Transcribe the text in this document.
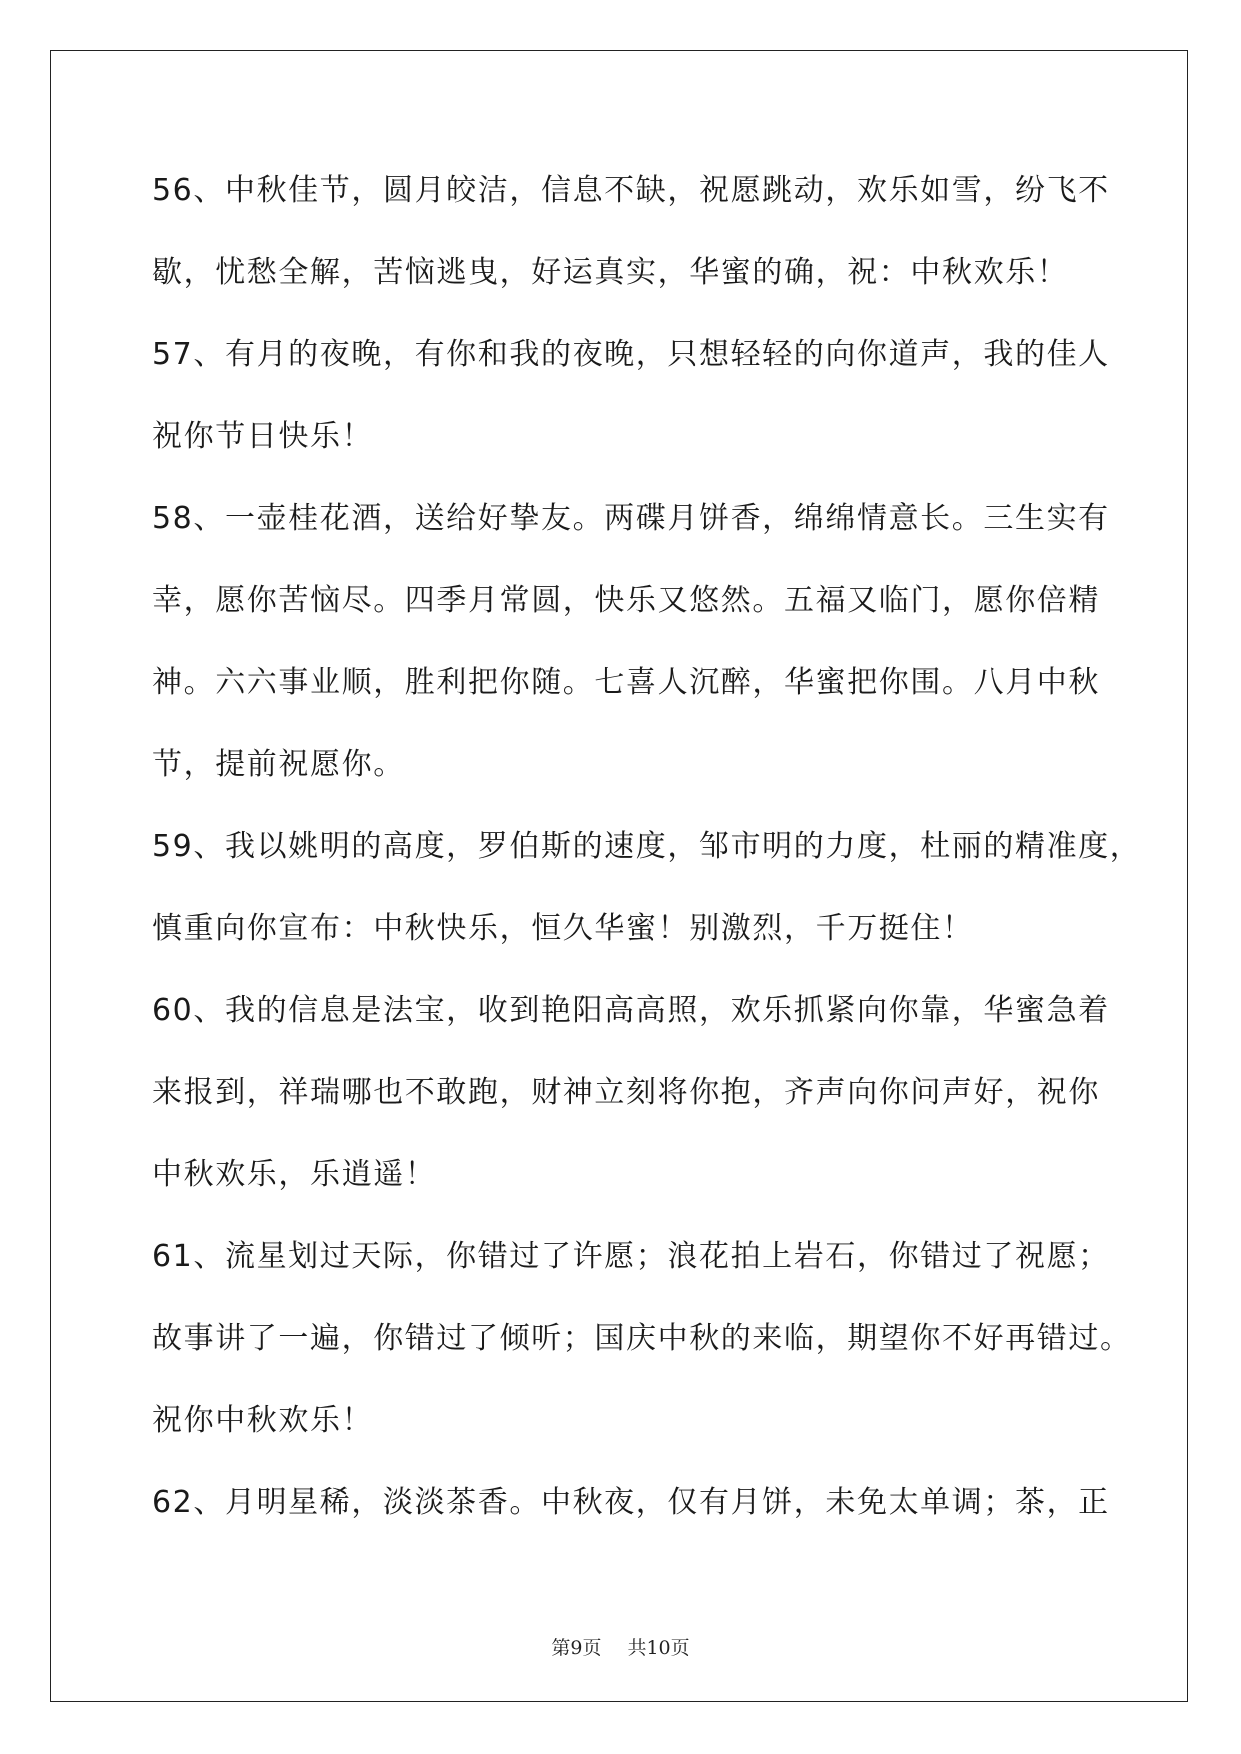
56、中秋佳节，圆月皎洁，信息不缺，祝愿跳动，欢乐如雪，纷飞不
歇，忧愁全解，苦恼逃曳，好运真实，华蜜的确，祝：中秋欢乐！
57、有月的夜晚，有你和我的夜晚，只想轻轻的向你道声，我的佳人
祝你节日快乐！
58、一壶桂花酒，送给好挚友。两碟月饼香，绵绵情意长。三生实有
幸，愿你苦恼尽。四季月常圆，快乐又悠然。五福又临门，愿你倍精
神。六六事业顺，胜利把你随。七喜人沉醉，华蜜把你围。八月中秋
节，提前祝愿你。
59、我以姚明的高度，罗伯斯的速度，邹市明的力度，杜丽的精准度，
慎重向你宣布：中秋快乐，恒久华蜜！别激烈，千万挺住！
60、我的信息是法宝，收到艳阳高高照，欢乐抓紧向你靠，华蜜急着
来报到，祥瑞哪也不敢跑，财神立刻将你抱，齐声向你问声好，祝你
中秋欢乐，乐逍遥！
61、流星划过天际，你错过了许愿；浪花拍上岩石，你错过了祝愿；
故事讲了一遍，你错过了倾听；国庆中秋的来临，期望你不好再错过。
祝你中秋欢乐！
62、月明星稀，淡淡茶香。中秋夜，仅有月饼，未免太单调；茶，正
第9页 共10页
